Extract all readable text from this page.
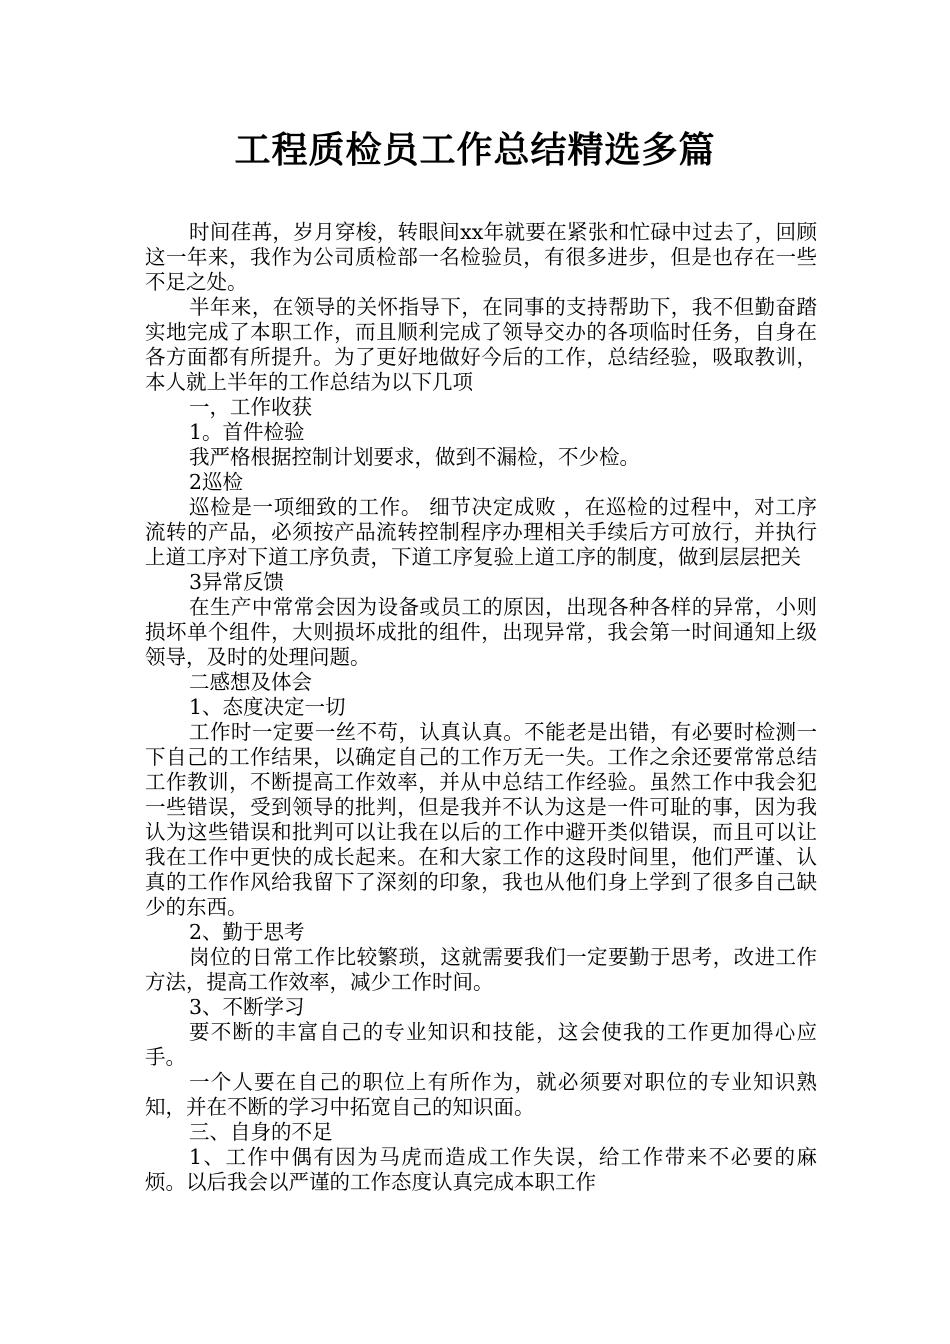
工程质检员工作总结精选多篇

时间荏苒，岁月穿梭，转眼间xx年就要在紧张和忙碌中过去了，回顾这一年来，我作为公司质检部一名检验员，有很多进步，但是也存在一些不足之处。

半年来，在领导的关怀指导下，在同事的支持帮助下，我不但勤奋踏实地完成了本职工作，而且顺利完成了领导交办的各项临时任务，自身在各方面都有所提升。为了更好地做好今后的工作，总结经验，吸取教训，本人就上半年的工作总结为以下几项

一，工作收获

1。首件检验

我严格根据控制计划要求，做到不漏检，不少检。

2巡检

巡检是一项细致的工作。 细节决定成败 ，在巡检的过程中，对工序流转的产品，必须按产品流转控制程序办理相关手续后方可放行，并执行上道工序对下道工序负责，下道工序复验上道工序的制度，做到层层把关

3异常反馈

在生产中常常会因为设备或员工的原因，出现各种各样的异常，小则损坏单个组件，大则损坏成批的组件，出现异常，我会第一时间通知上级领导，及时的处理问题。

二感想及体会

1、态度决定一切

工作时一定要一丝不苟，认真认真。不能老是出错，有必要时检测一下自己的工作结果，以确定自己的工作万无一失。工作之余还要常常总结工作教训，不断提高工作效率，并从中总结工作经验。虽然工作中我会犯一些错误，受到领导的批判，但是我并不认为这是一件可耻的事，因为我认为这些错误和批判可以让我在以后的工作中避开类似错误，而且可以让我在工作中更快的成长起来。在和大家工作的这段时间里，他们严谨、认真的工作作风给我留下了深刻的印象，我也从他们身上学到了很多自己缺少的东西。

2、勤于思考

岗位的日常工作比较繁琐，这就需要我们一定要勤于思考，改进工作方法，提高工作效率，减少工作时间。

3、不断学习

要不断的丰富自己的专业知识和技能，这会使我的工作更加得心应手。

一个人要在自己的职位上有所作为，就必须要对职位的专业知识熟知，并在不断的学习中拓宽自己的知识面。

三、自身的不足

1、工作中偶有因为马虎而造成工作失误，给工作带来不必要的麻烦。以后我会以严谨的工作态度认真完成本职工作
